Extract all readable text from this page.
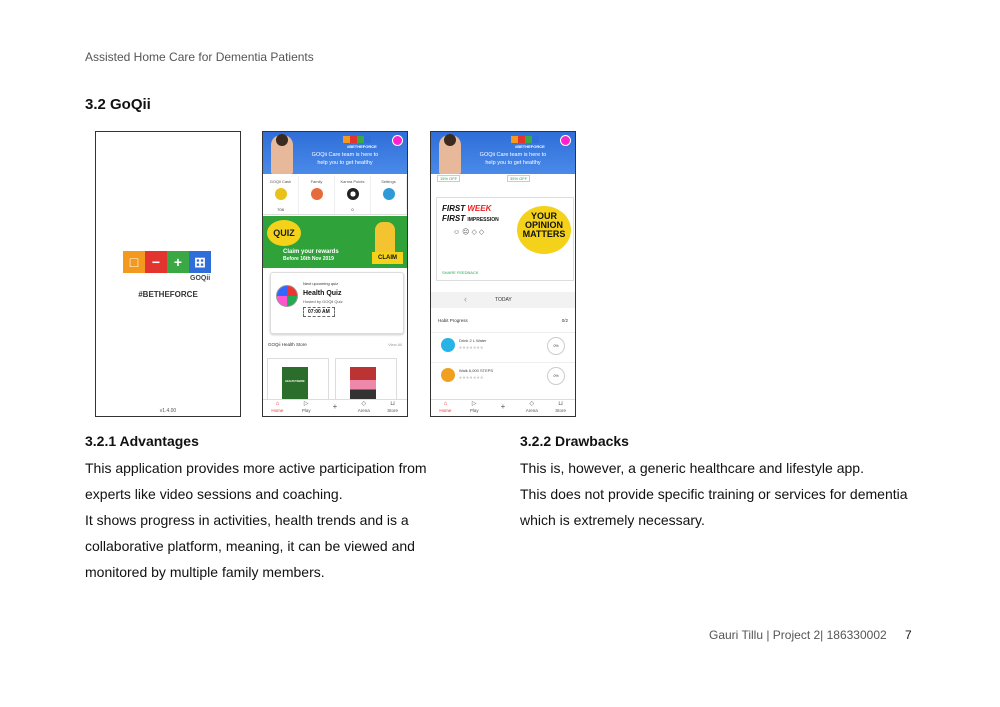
Assisted Home Care for Dementia Patients
3.2 GoQii
□ − + ⊞
GOQii
#BETHEFORCE
v1.4.00
#BETHEFORCE
GOQii Care team is here to
help you to get healthy
GOQii Cash
708
Family	Karma Points
0
Settings
QUIZ
Claim your rewards
Before 16th Nov 2019	CLAIM
Next upcoming quiz
Health Quiz
Hosted by GOQii Quiz
07:00 AM
GOQii Health Store	View All
HEALTHYDIABE
⌂
Home
▷
Play	+	◇
Arena
⊔
Store
#BETHEFORCE
GOQii Care team is here to
help you to get healthy
15% OFF	35% OFF
FIRST WEEK
FIRST IMPRESSION
☺☹◇◇
YOUR
OPINION
MATTERS
SHARE FEEDBACK
‹	TODAY
Habit Progress	0/2
Drink 2 L Water
●●●●●●●	0%
Walk 6,000 STEPS
●●●●●●●	0%
⌂
Home
▷
Play	+	◇
Arena
⊔
Store
3.2.1 Advantages
This application provides more active participation from
experts like video sessions and coaching.
It shows progress in activities, health trends and is a
collaborative platform, meaning, it can be viewed and
monitored by multiple family members.
3.2.2 Drawbacks
This is, however, a generic healthcare and lifestyle app.
This does not provide specific training or services for dementia
which is extremely necessary.
Gauri Tillu | Project 2| 186330002 7
